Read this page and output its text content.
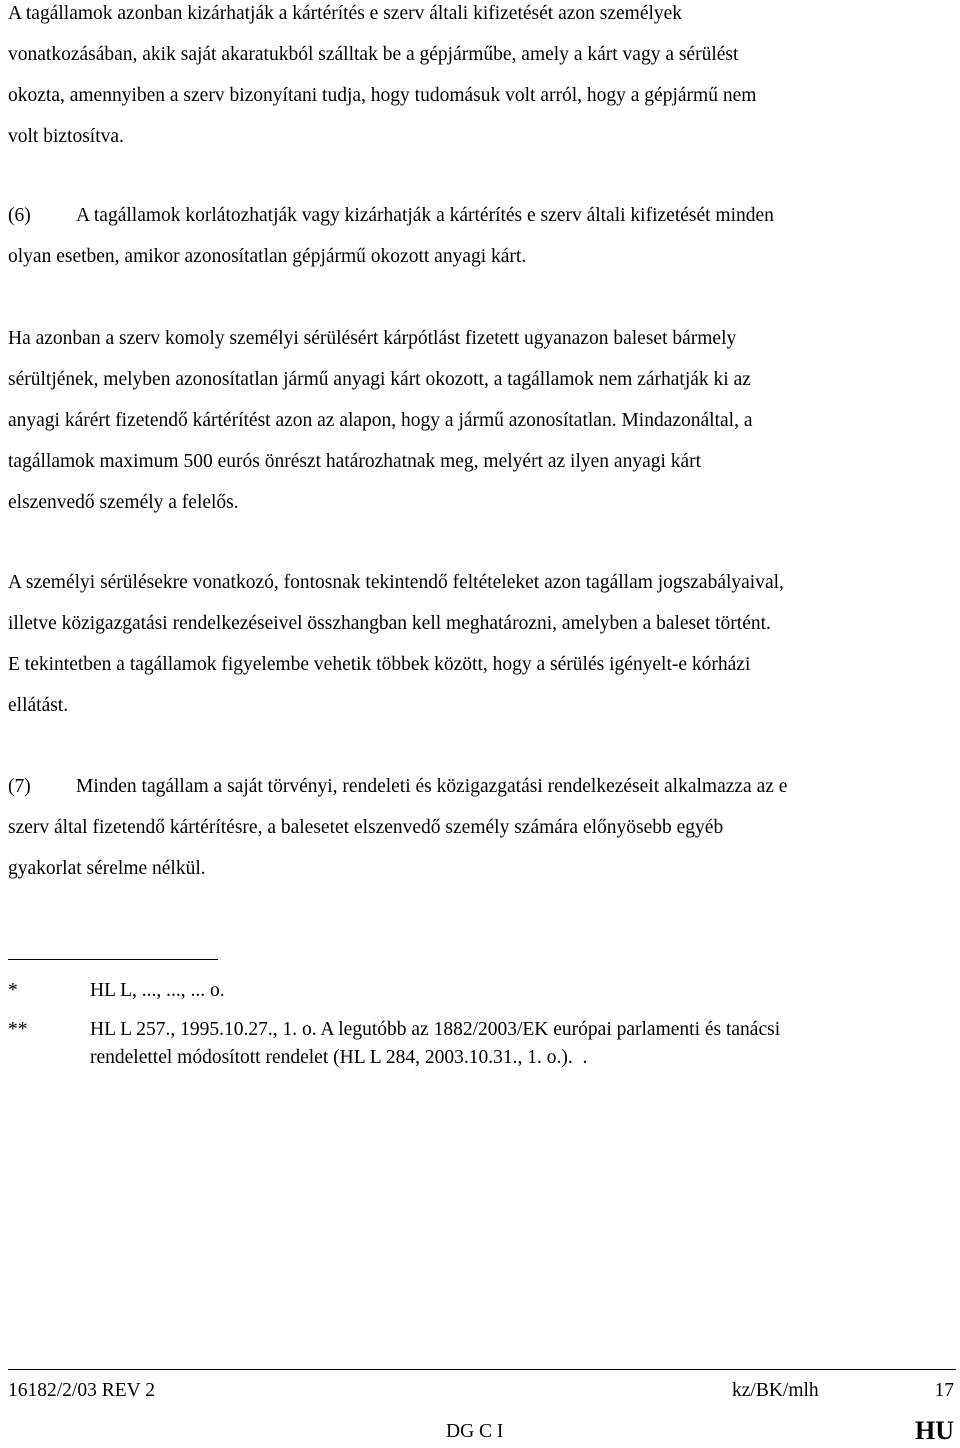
A tagállamok azonban kizárhatják a kártérítés e szerv általi kifizetését azon személyek
vonatkozásában, akik saját akaratukból szálltak be a gépjárműbe, amely a kárt vagy a sérülést
okozta, amennyiben a szerv bizonyítani tudja, hogy tudomásuk volt arról, hogy a gépjármű nem
volt biztosítva.
(6) A tagállamok korlátozhatják vagy kizárhatják a kártérítés e szerv általi kifizetését minden
olyan esetben, amikor azonosítatlan gépjármű okozott anyagi kárt.
Ha azonban a szerv komoly személyi sérülésért kárpótlást fizetett ugyanazon baleset bármely
sérültjének, melyben azonosítatlan jármű anyagi kárt okozott, a tagállamok nem zárhatják ki az
anyagi kárért fizetendő kártérítést azon az alapon, hogy a jármű azonosítatlan. Mindazonáltal, a
tagállamok maximum 500 eurós önrészt határozhatnak meg, melyért az ilyen anyagi kárt
elszenvedő személy a felelős.
A személyi sérülésekre vonatkozó, fontosnak tekintendő feltételeket azon tagállam jogszabályaival,
illetve közigazgatási rendelkezéseivel összhangban kell meghatározni, amelyben a baleset történt.
E tekintetben a tagállamok figyelembe vehetik többek között, hogy a sérülés igényelt-e kórházi
ellátást.
(7) Minden tagállam a saját törvényi, rendeleti és közigazgatási rendelkezéseit alkalmazza az e
szerv által fizetendő kártérítésre, a balesetet elszenvedő személy számára előnyösebb egyéb
gyakorlat sérelme nélkül.
*	HL L, ..., ..., ... o.
**	HL L 257., 1995.10.27., 1. o. A legutóbb az 1882/2003/EK európai parlamenti és tanácsi
rendelettel módosított rendelet (HL L 284, 2003.10.31., 1. o.). .
16182/2/03 REV 2	kz/BK/mlh	17
DG C I	HU
